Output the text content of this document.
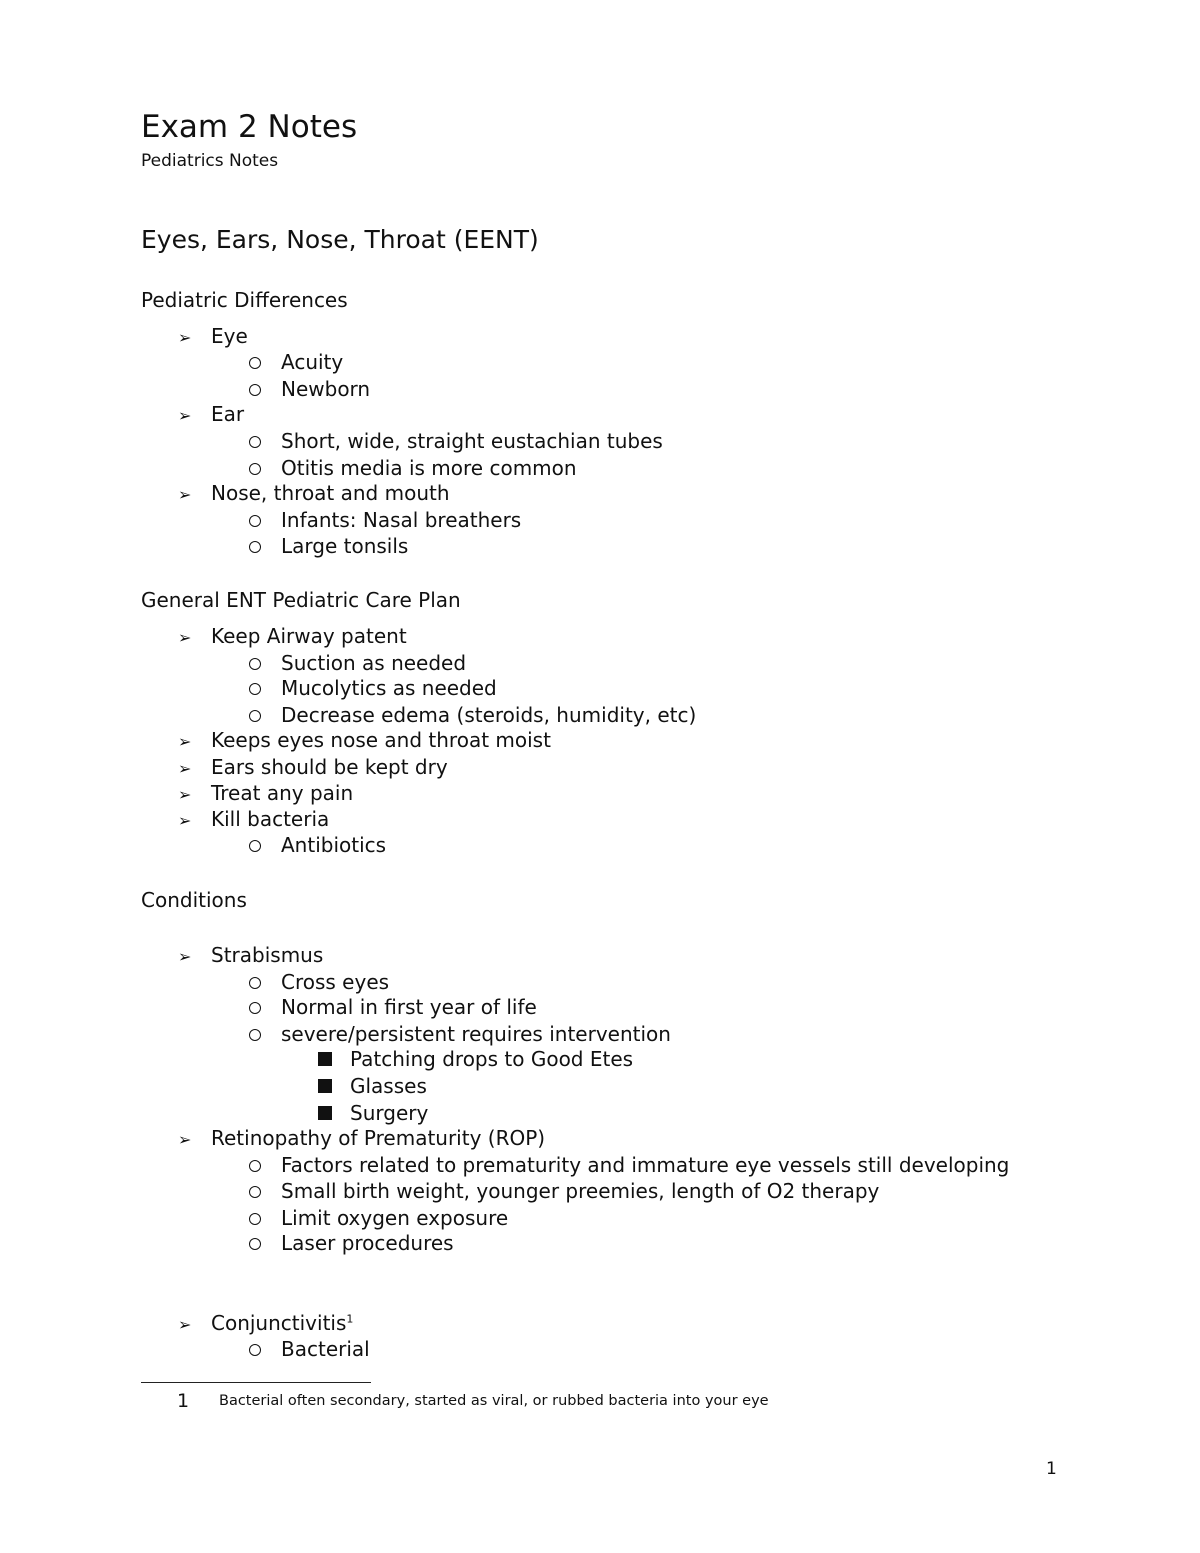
Exam 2 Notes
Pediatrics Notes
Eyes, Ears, Nose, Throat (EENT)
Pediatric Differences
➢ Eye
Acuity
Newborn
➢ Ear
Short, wide, straight eustachian tubes
Otitis media is more common
➢ Nose, throat and mouth
Infants: Nasal breathers
Large tonsils
General ENT Pediatric Care Plan
➢ Keep Airway patent
Suction as needed
Mucolytics as needed
Decrease edema (steroids, humidity, etc)
➢ Keeps eyes nose and throat moist
➢ Ears should be kept dry
➢ Treat any pain
➢ Kill bacteria
Antibiotics
Conditions
➢ Strabismus
Cross eyes
Normal in first year of life
severe/persistent requires intervention
Patching drops to Good Etes
Glasses
Surgery
➢ Retinopathy of Prematurity (ROP)
Factors related to prematurity and immature eye vessels still developing
Small birth weight, younger preemies, length of O2 therapy
Limit oxygen exposure
Laser procedures
➢ Conjunctivitis$^1$
Bacterial
1 Bacterial often secondary, started as viral, or rubbed bacteria into your eye
1
